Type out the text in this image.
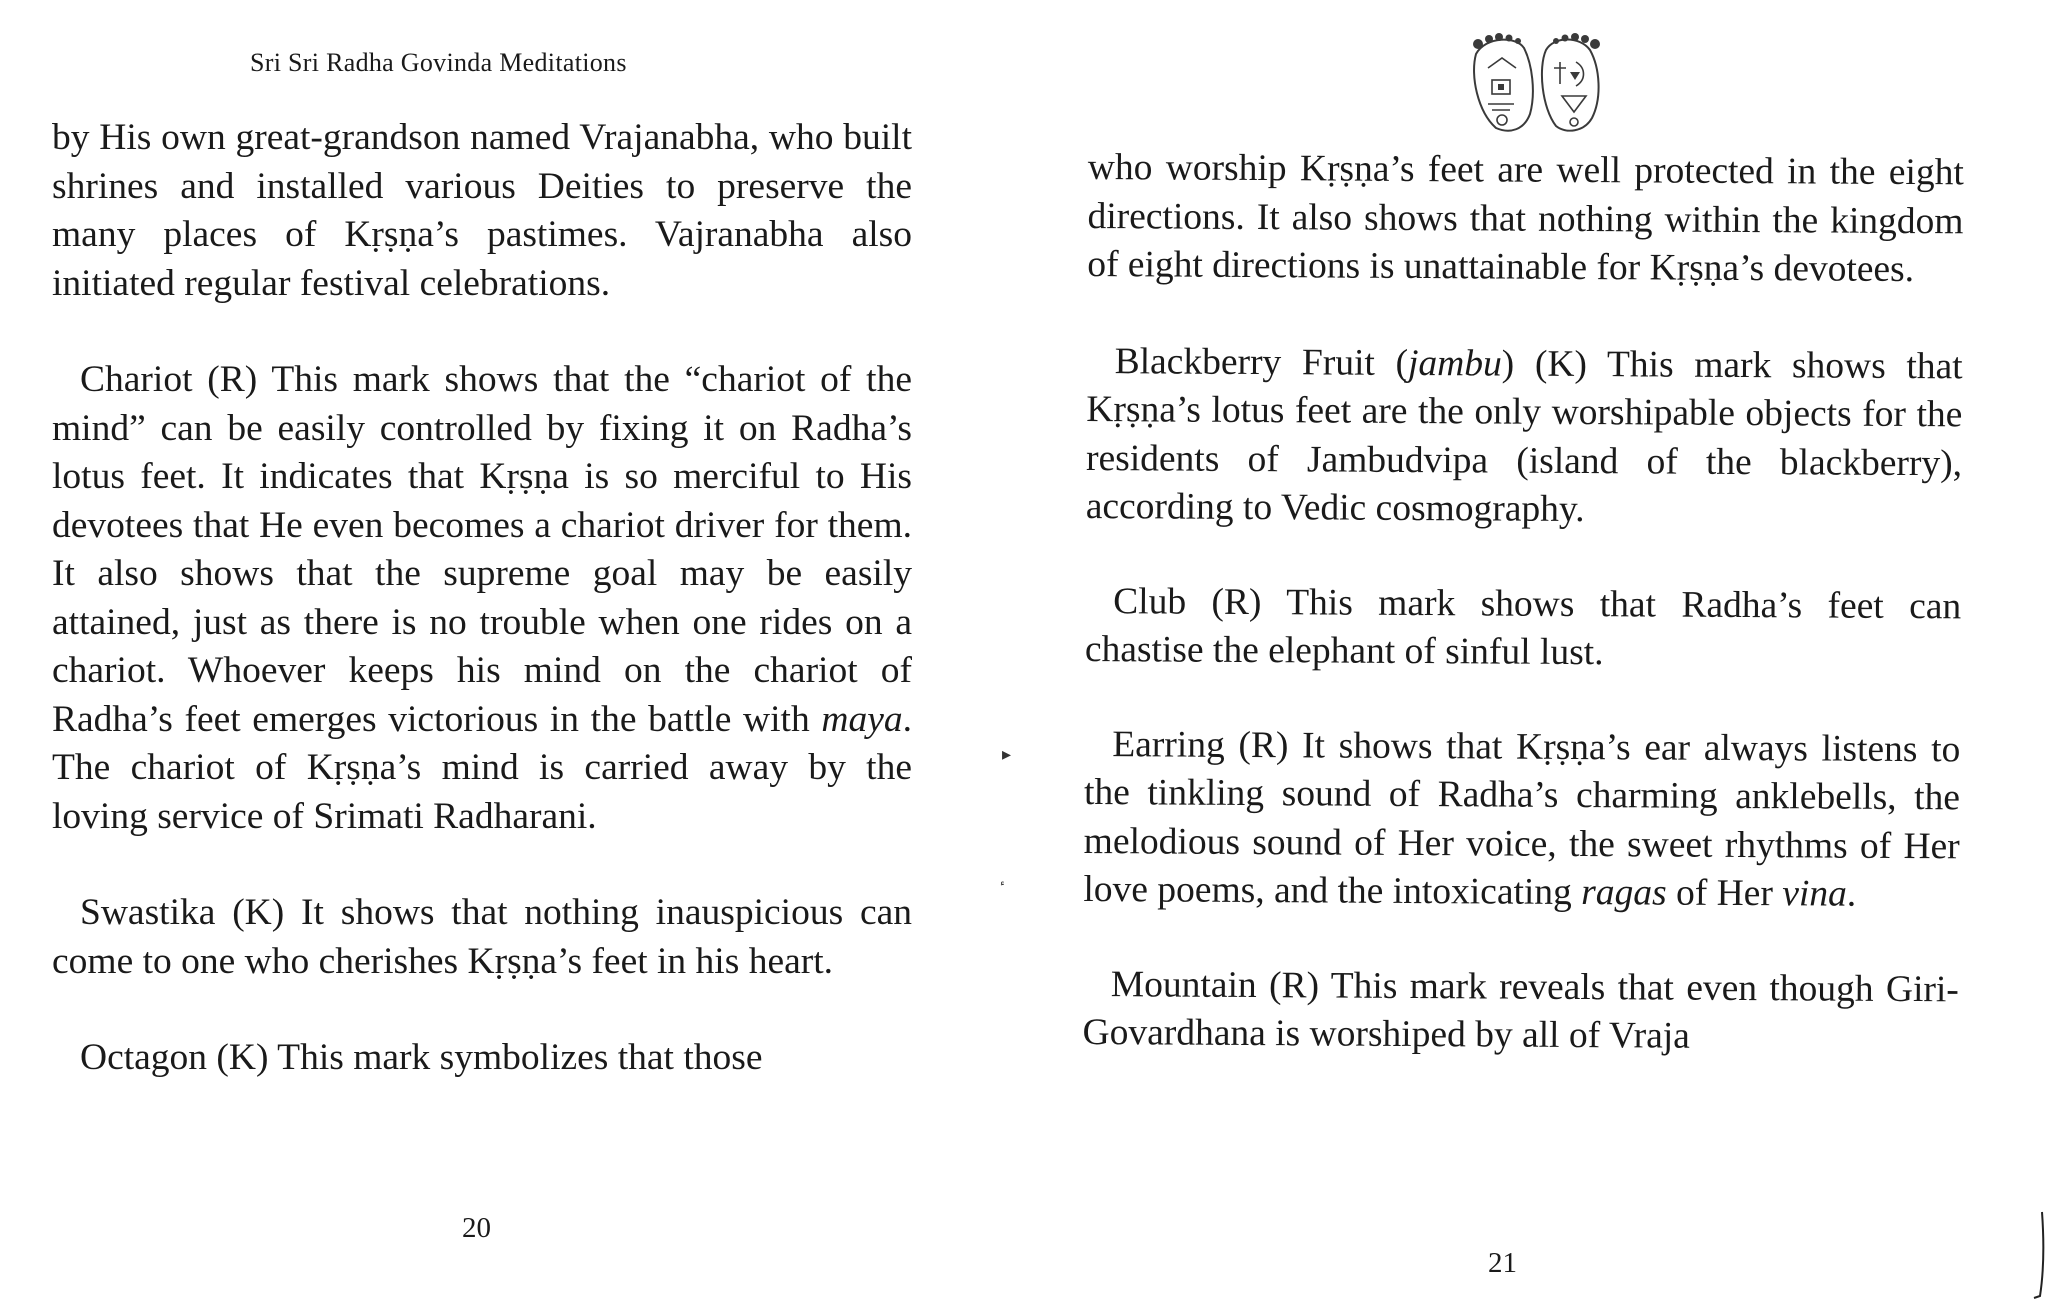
Sri Sri Radha Govinda Meditations

by His own great-grandson named Vrajanabha, who built shrines and installed various Deities to preserve the many places of Kṛṣṇa’s pastimes. Vajranabha also initiated regular festival celebrations.

Chariot (R) This mark shows that the “chariot of the mind” can be easily controlled by fixing it on Radha’s lotus feet. It indicates that Kṛṣṇa is so merciful to His devotees that He even becomes a chariot driver for them. It also shows that the supreme goal may be easily attained, just as there is no trouble when one rides on a chariot. Whoever keeps his mind on the chariot of Radha’s feet emerges victorious in the battle with maya. The chariot of Kṛṣṇa’s mind is carried away by the loving service of Srimati Radharani.

Swastika (K) It shows that nothing inauspicious can come to one who cherishes Kṛṣṇa’s feet in his heart.

Octagon (K) This mark symbolizes that those

20
▸

who worship Kṛṣṇa’s feet are well protected in the eight directions. It also shows that nothing within the kingdom of eight directions is unattainable for Kṛṣṇa’s devotees.

Blackberry Fruit (jambu) (K) This mark shows that Kṛṣṇa’s lotus feet are the only worshipable objects for the residents of Jambudvipa (island of the blackberry), according to Vedic cosmography.

Club (R) This mark shows that Radha’s feet can chastise the elephant of sinful lust.

Earring (R) It shows that Kṛṣṇa’s ear always listens to the tinkling sound of Radha’s charming anklebells, the melodious sound of Her voice, the sweet rhythms of Her love poems, and the intoxicating ragas of Her vina.

Mountain (R) This mark reveals that even though Giri-Govardhana is worshiped by all of Vraja

21
